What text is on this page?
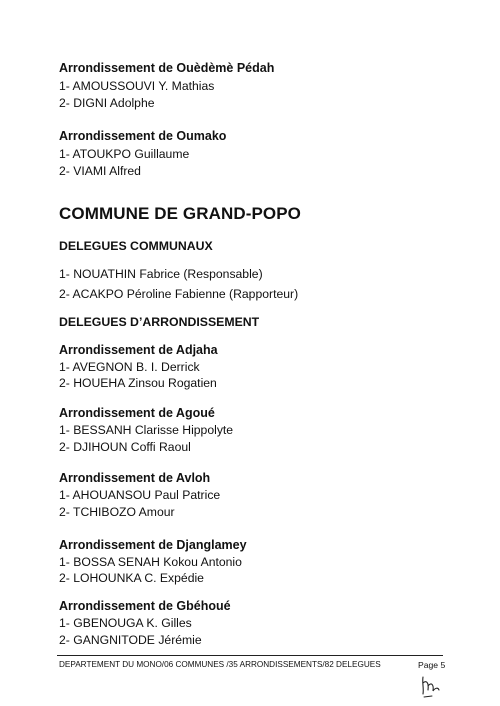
Arrondissement de Ouèdèmè Pédah
1- AMOUSSOUVI Y. Mathias
2- DIGNI Adolphe
Arrondissement de Oumako
1- ATOUKPO Guillaume
2- VIAMI Alfred
COMMUNE DE GRAND-POPO
DELEGUES COMMUNAUX
1- NOUATHIN Fabrice (Responsable)
2- ACAKPO Péroline Fabienne (Rapporteur)
DELEGUES D’ARRONDISSEMENT
Arrondissement de Adjaha
1- AVEGNON B. I. Derrick
2- HOUEHA Zinsou Rogatien
Arrondissement de Agoué
1- BESSANH Clarisse Hippolyte
2- DJIHOUN Coffi Raoul
Arrondissement de Avloh
1- AHOUANSOU Paul Patrice
2- TCHIBOZO Amour
Arrondissement de Djanglamey
1- BOSSA SENAH Kokou Antonio
2- LOHOUNKA C. Expédie
Arrondissement de Gbéhoué
1- GBENOUGA K. Gilles
2- GANGNITODE Jérémie
DEPARTEMENT DU MONO/06 COMMUNES /35 ARRONDISSEMENTS/82 DELEGUES	Page 5
